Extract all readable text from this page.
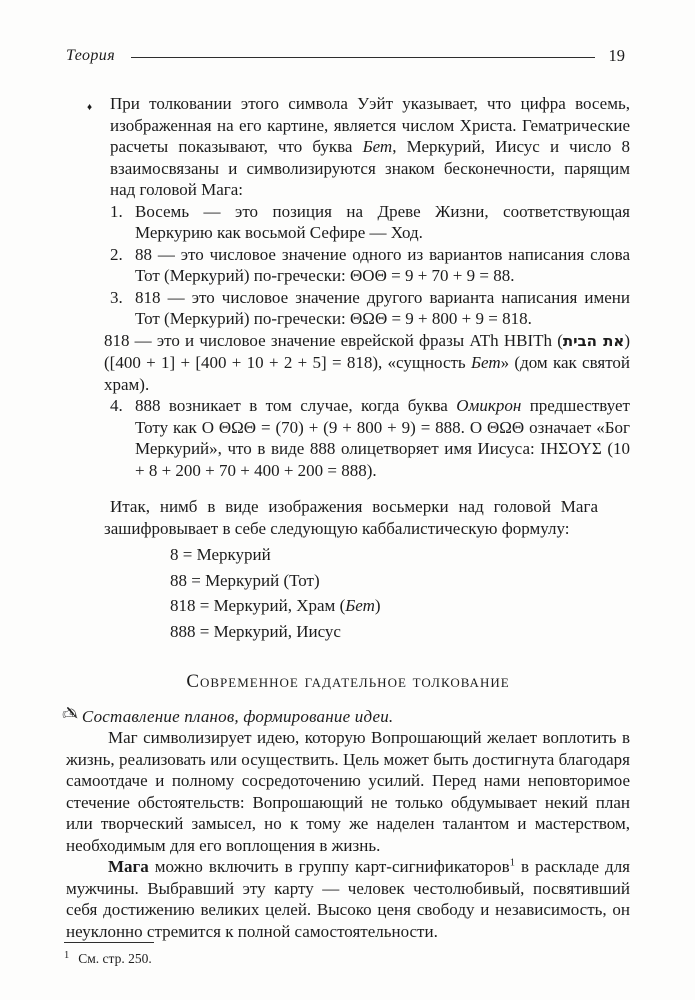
Теория	19
♦ При толковании этого символа Уэйт указывает, что цифра восемь, изображенная на его картине, является числом Христа. Гематрические расчеты показывают, что буква Бет, Меркурий, Иисус и число 8 взаимосвязаны и символизируются знаком бесконечности, парящим над головой Мага:
1. Восемь — это позиция на Древе Жизни, соответствующая Меркурию как восьмой Сефире — Ход.
2. 88 — это числовое значение одного из вариантов написания слова Тот (Меркурий) по-гречески: ΘΟΘ = 9 + 70 + 9 = 88.
3. 818 — это числовое значение другого варианта написания имени Тот (Меркурий) по-гречески: ΘΩΘ = 9 + 800 + 9 = 818.
818 — это и числовое значение еврейской фразы ATh HBITh (את הבית) ([1 + 400] + [5 + 2 + 10 + 400] = 818), «сущность Бет» (дом как святой храм).
4. 888 возникает в том случае, когда буква Омикрон предшествует Тоту как О ΘΩΘ = (70) + (9 + 800 + 9) = 888. О ΘΩΘ означает «Бог Меркурий», что в виде 888 олицетворяет имя Иисуса: ΙΗΣΟΥΣ (10 + 8 + 200 + 70 + 400 + 200 = 888).
Итак, нимб в виде изображения восьмерки над головой Мага зашифровывает в себе следующую каббалистическую формулу:
8 = Меркурий
88 = Меркурий (Тот)
818 = Меркурий, Храм (Бет)
888 = Меркурий, Иисус
Современное гадательное толкование
✍ Составление планов, формирование идеи.
Маг символизирует идею, которую Вопрошающий желает воплотить в жизнь, реализовать или осуществить. Цель может быть достигнута благодаря самоотдаче и полному сосредоточению усилий. Перед нами неповторимое стечение обстоятельств: Вопрошающий не только обдумывает некий план или творческий замысел, но к тому же наделен талантом и мастерством, необходимым для его воплощения в жизнь.
Мага можно включить в группу карт-сигнификаторов$^1$ в раскладе для мужчины. Выбравший эту карту — человек честолюбивый, посвятивший себя достижению великих целей. Высоко ценя свободу и независимость, он неуклонно стремится к полной самостоятельности.
$^1$ См. стр. 250.
